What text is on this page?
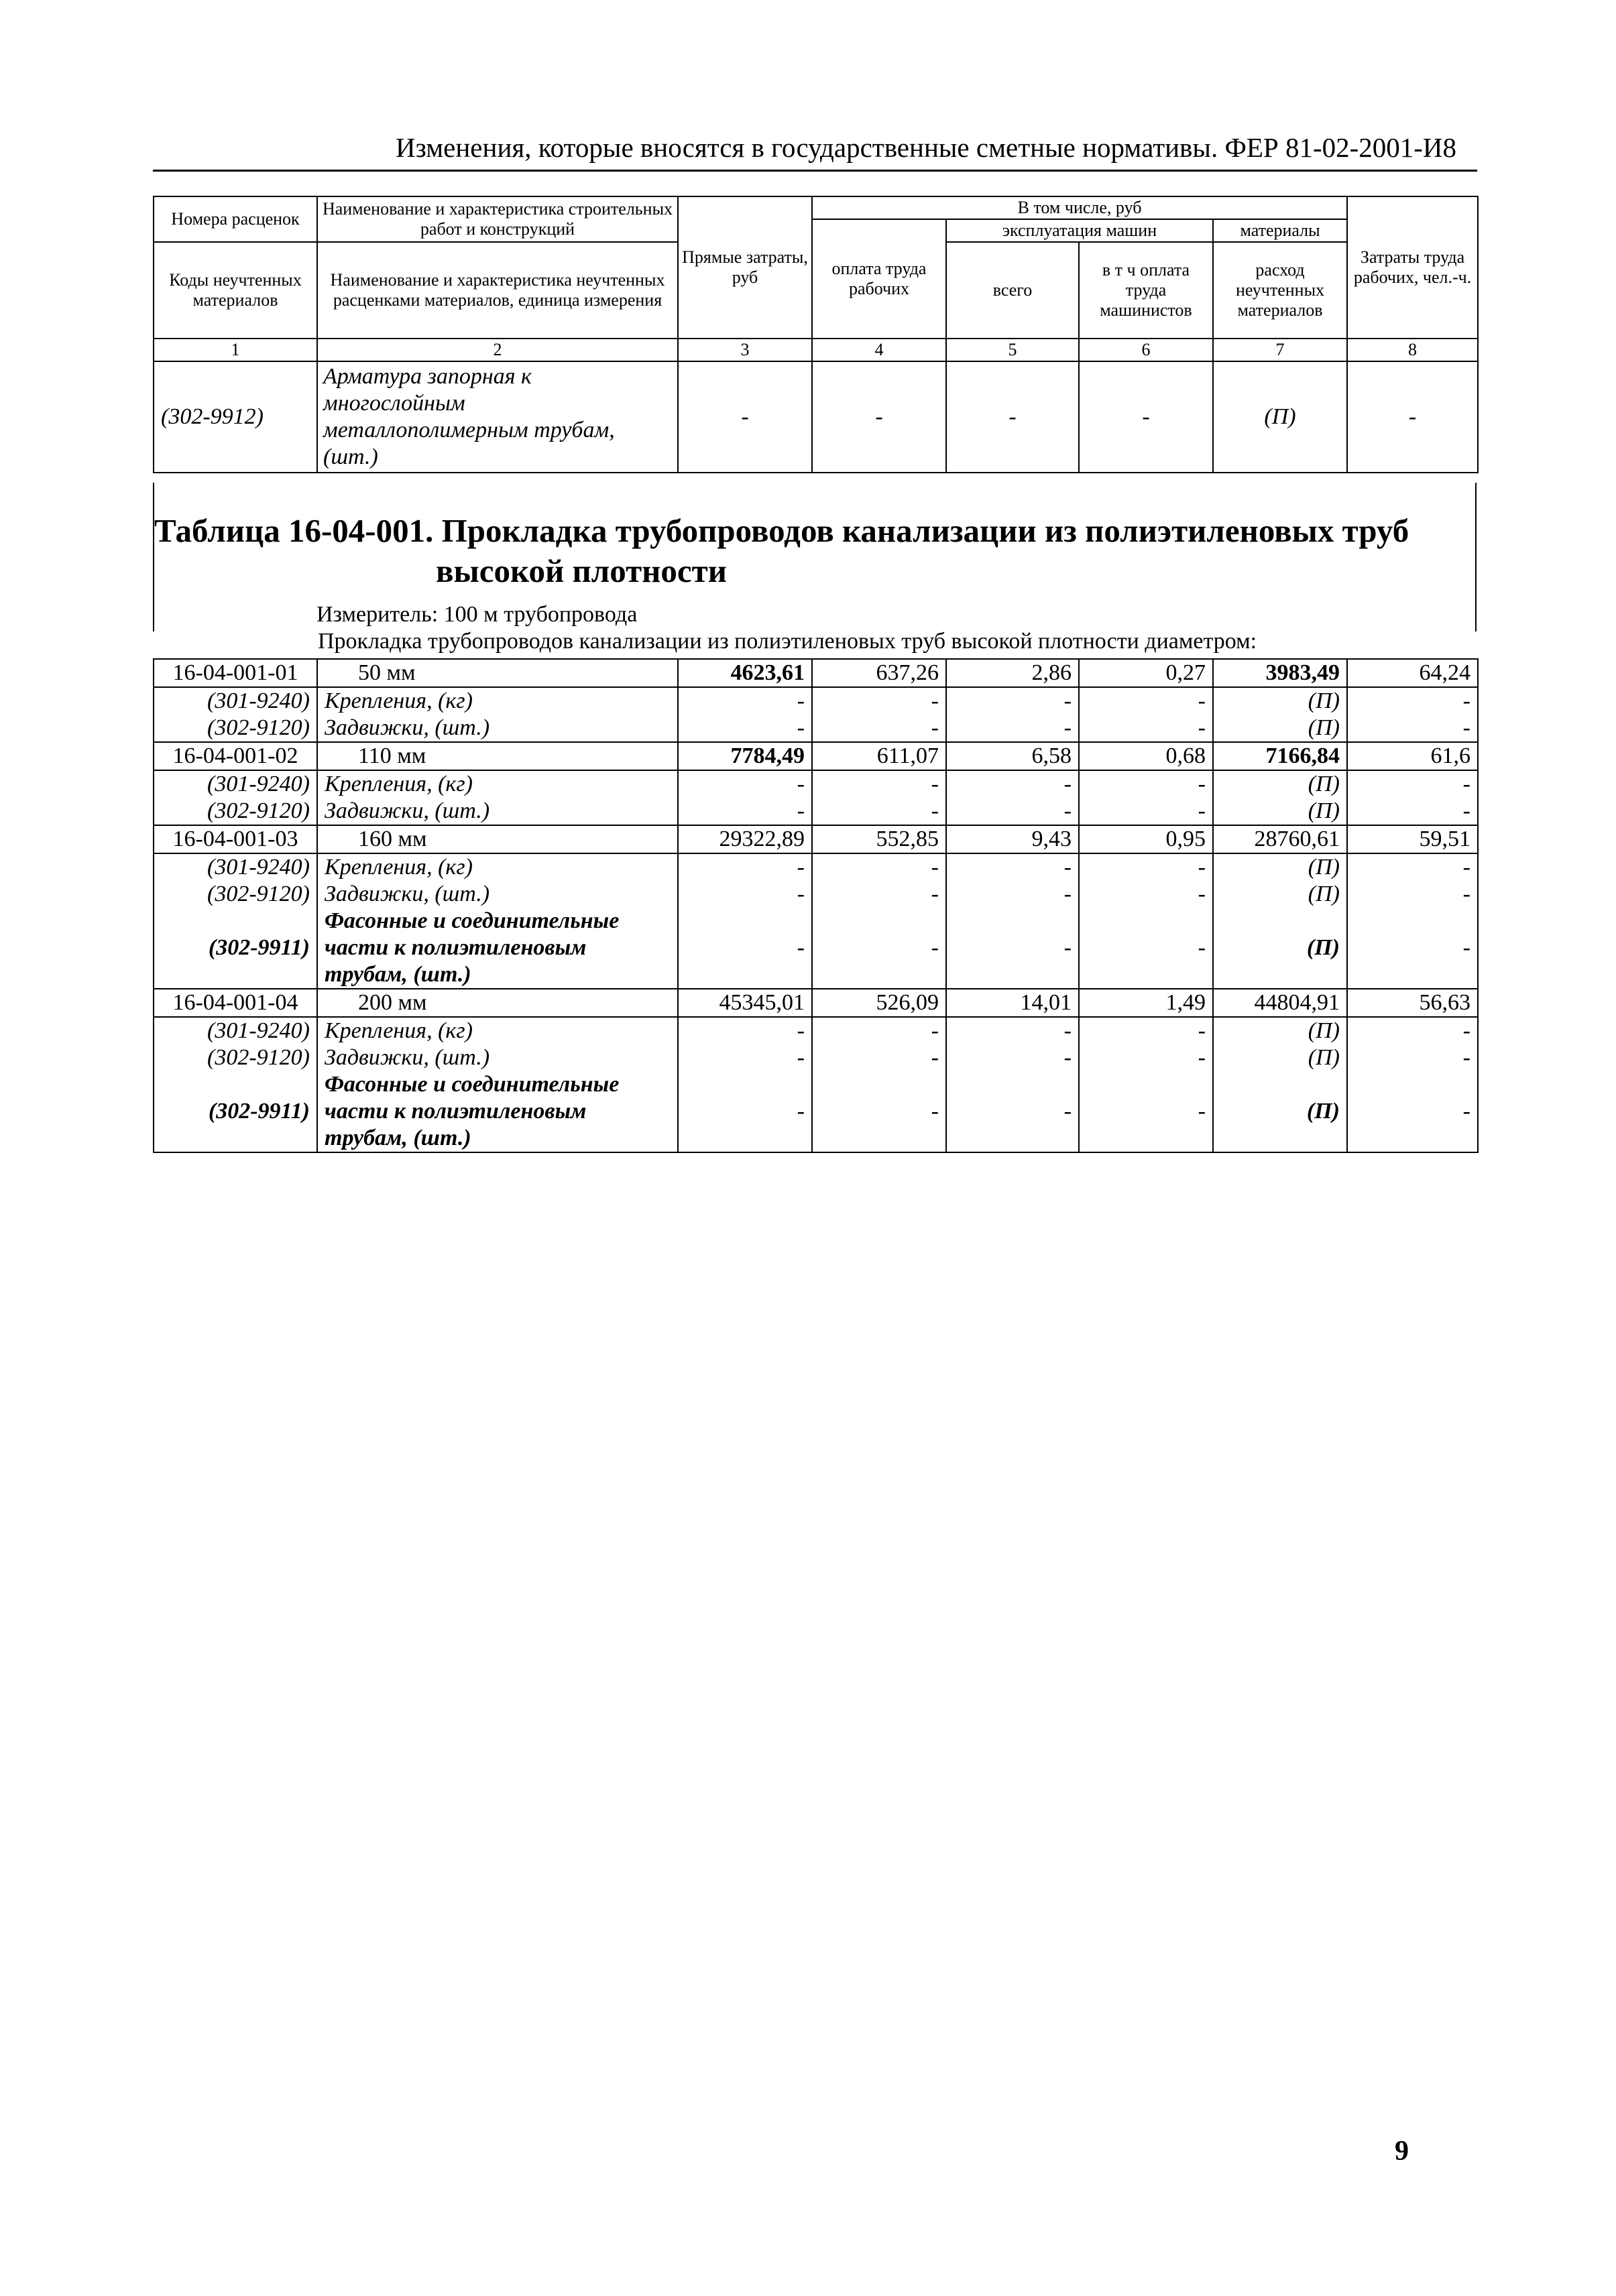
Изменения, которые вносятся в государственные сметные нормативы. ФЕР 81-02-2001-И8
Номера расценок	Наименование и характеристика строительных работ и конструкций	Прямые затраты, руб	В том числе, руб				Затраты труда рабочих, чел.-ч.
			оплата труда рабочих	эксплуатация машин		материалы	
Коды неучтенных материалов	Наименование и характеристика неучтенных расценками материалов, единица измерения			всего	в т ч оплата труда машинистов	расход неучтенных материалов	

1	2	3	4	5	6	7	8
(302-9912)	Арматура запорная к многослойным металлополимерным трубам, (шт.)	-	-	-	-	(П)	-
Таблица 16-04-001. Прокладка трубопроводов канализации из полиэтиленовых труб
высокой плотности
Измеритель: 100 м трубопровода
Прокладка трубопроводов канализации из полиэтиленовых труб высокой плотности диаметром:
16-04-001-01	50 мм	4623,61	637,26	2,86	0,27	3983,49	64,24
(301-9240)	Крепления, (кг)	-	-	-	-	(П)	-
(302-9120)	Задвижки, (шт.)	-	-	-	-	(П)	-
16-04-001-02	110 мм	7784,49	611,07	6,58	0,68	7166,84	61,6
(301-9240)	Крепления, (кг)	-	-	-	-	(П)	-
(302-9120)	Задвижки, (шт.)	-	-	-	-	(П)	-
16-04-001-03	160 мм	29322,89	552,85	9,43	0,95	28760,61	59,51
(301-9240)	Крепления, (кг)	-	-	-	-	(П)	-
(302-9120)	Задвижки, (шт.)	-	-	-	-	(П)	-
(302-9911)	Фасонные и соединительные части к полиэтиленовым трубам, (шт.)	-	-	-	-	(П)	-
16-04-001-04	200 мм	45345,01	526,09	14,01	1,49	44804,91	56,63
(301-9240)	Крепления, (кг)	-	-	-	-	(П)	-
(302-9120)	Задвижки, (шт.)	-	-	-	-	(П)	-
(302-9911)	Фасонные и соединительные части к полиэтиленовым трубам, (шт.)	-	-	-	-	(П)	-
9
